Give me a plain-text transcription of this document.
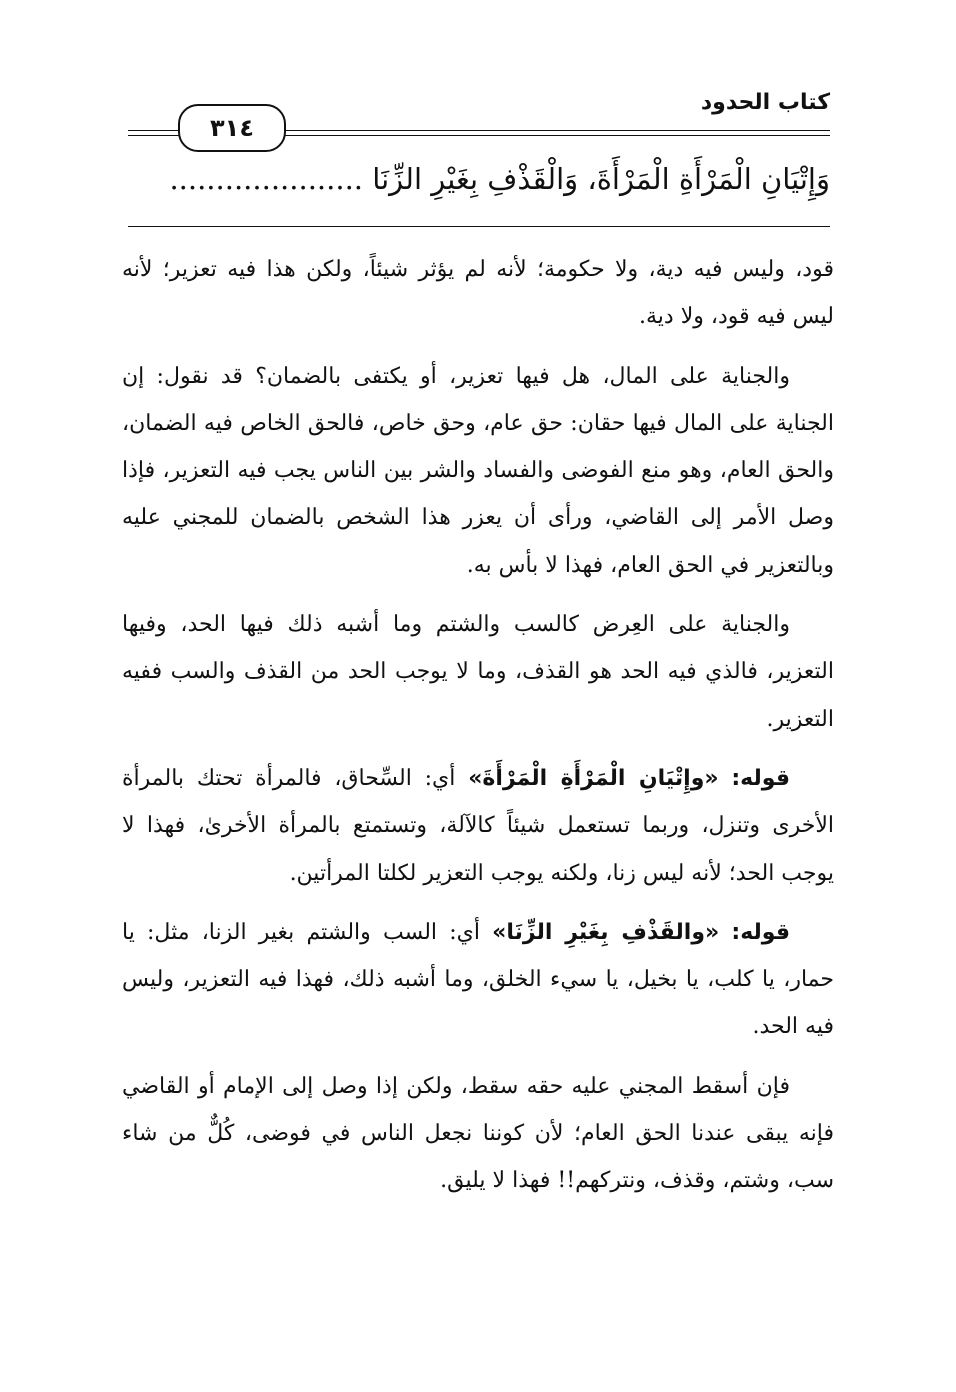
كتاب الحدود
٣١٤
وَإِتْيَانِ الْمَرْأَةِ الْمَرْأَةَ، وَالْقَذْفِ بِغَيْرِ الزِّنَا .....................

قود، وليس فيه دية، ولا حكومة؛ لأنه لم يؤثر شيئاً، ولكن هذا فيه تعزير؛ لأنه ليس فيه قود، ولا دية.

والجناية على المال، هل فيها تعزير، أو يكتفى بالضمان؟ قد نقول: إن الجناية على المال فيها حقان: حق عام، وحق خاص، فالحق الخاص فيه الضمان، والحق العام، وهو منع الفوضى والفساد والشر بين الناس يجب فيه التعزير، فإذا وصل الأمر إلى القاضي، ورأى أن يعزر هذا الشخص بالضمان للمجني عليه وبالتعزير في الحق العام، فهذا لا بأس به.

والجناية على العِرض كالسب والشتم وما أشبه ذلك فيها الحد، وفيها التعزير، فالذي فيه الحد هو القذف، وما لا يوجب الحد من القذف والسب ففيه التعزير.

قوله: «وإِتْيَانِ الْمَرْأَةِ الْمَرْأَةَ» أي: السِّحاق، فالمرأة تحتك بالمرأة الأخرى وتنزل، وربما تستعمل شيئاً كالآلة، وتستمتع بالمرأة الأخرىٰ، فهذا لا يوجب الحد؛ لأنه ليس زنا، ولكنه يوجب التعزير لكلتا المرأتين.

قوله: «والقَذْفِ بِغَيْرِ الزِّنَا» أي: السب والشتم بغير الزنا، مثل: يا حمار، يا كلب، يا بخيل، يا سيء الخلق، وما أشبه ذلك، فهذا فيه التعزير، وليس فيه الحد.

فإن أسقط المجني عليه حقه سقط، ولكن إذا وصل إلى الإمام أو القاضي فإنه يبقى عندنا الحق العام؛ لأن كوننا نجعل الناس في فوضى، كُلٌّ من شاء سب، وشتم، وقذف، ونتركهم!! فهذا لا يليق.
